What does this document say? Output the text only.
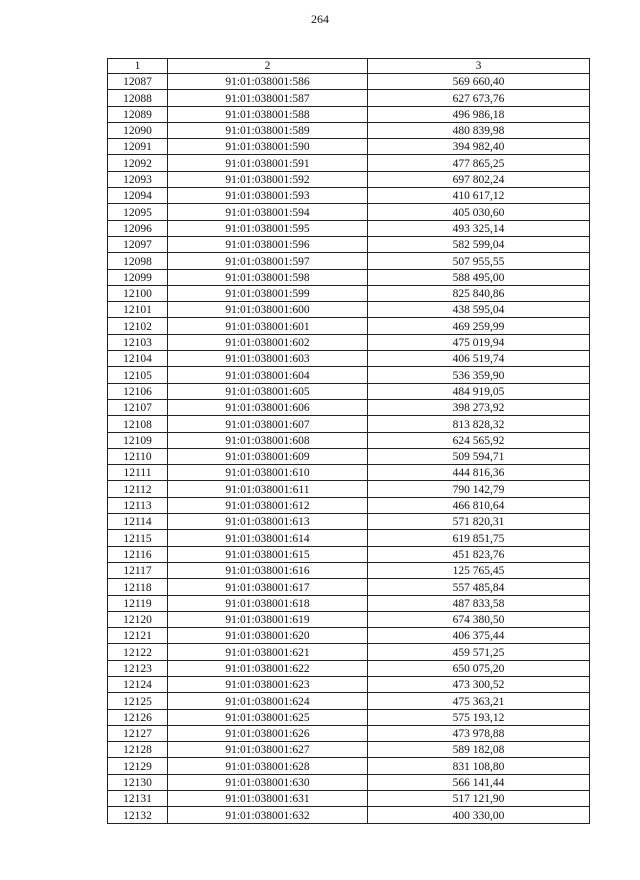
264
1	2	3
12087	91:01:038001:586	569 660,40
12088	91:01:038001:587	627 673,76
12089	91:01:038001:588	496 986,18
12090	91:01:038001:589	480 839,98
12091	91:01:038001:590	394 982,40
12092	91:01:038001:591	477 865,25
12093	91:01:038001:592	697 802,24
12094	91:01:038001:593	410 617,12
12095	91:01:038001:594	405 030,60
12096	91:01:038001:595	493 325,14
12097	91:01:038001:596	582 599,04
12098	91:01:038001:597	507 955,55
12099	91:01:038001:598	588 495,00
12100	91:01:038001:599	825 840,86
12101	91:01:038001:600	438 595,04
12102	91:01:038001:601	469 259,99
12103	91:01:038001:602	475 019,94
12104	91:01:038001:603	406 519,74
12105	91:01:038001:604	536 359,90
12106	91:01:038001:605	484 919,05
12107	91:01:038001:606	398 273,92
12108	91:01:038001:607	813 828,32
12109	91:01:038001:608	624 565,92
12110	91:01:038001:609	509 594,71
12111	91:01:038001:610	444 816,36
12112	91:01:038001:611	790 142,79
12113	91:01:038001:612	466 810,64
12114	91:01:038001:613	571 820,31
12115	91:01:038001:614	619 851,75
12116	91:01:038001:615	451 823,76
12117	91:01:038001:616	125 765,45
12118	91:01:038001:617	557 485,84
12119	91:01:038001:618	487 833,58
12120	91:01:038001:619	674 380,50
12121	91:01:038001:620	406 375,44
12122	91:01:038001:621	459 571,25
12123	91:01:038001:622	650 075,20
12124	91:01:038001:623	473 300,52
12125	91:01:038001:624	475 363,21
12126	91:01:038001:625	575 193,12
12127	91:01:038001:626	473 978,88
12128	91:01:038001:627	589 182,08
12129	91:01:038001:628	831 108,80
12130	91:01:038001:630	566 141,44
12131	91:01:038001:631	517 121,90
12132	91:01:038001:632	400 330,00
